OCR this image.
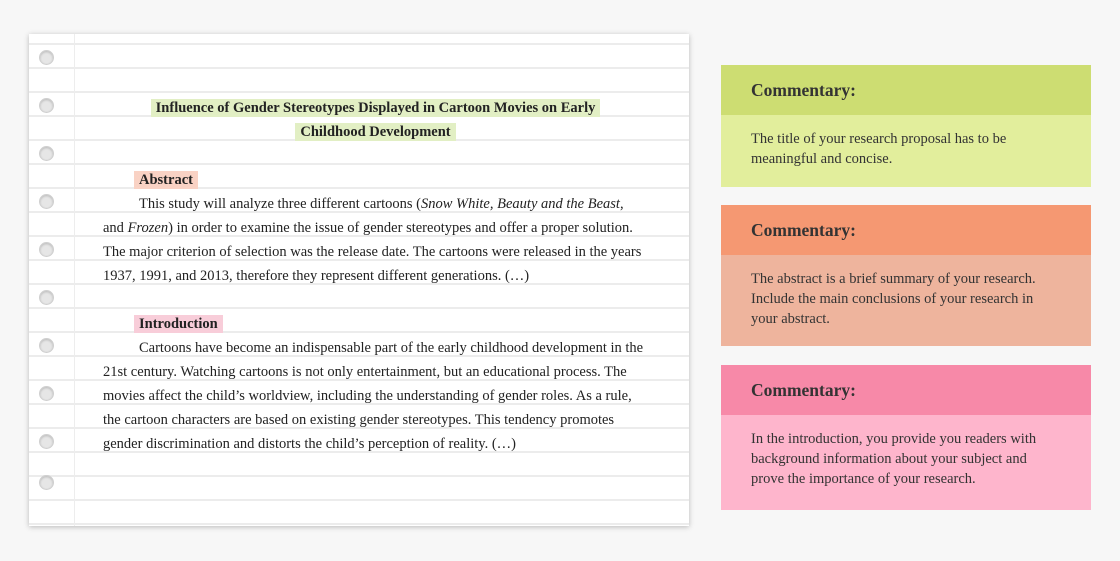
Influence of Gender Stereotypes Displayed in Cartoon Movies on Early
Childhood Development
Abstract

This study will analyze three different cartoons (Snow White, Beauty and the Beast, and Frozen) in order to examine the issue of gender stereotypes and offer a proper solution. The major criterion of selection was the release date. The cartoons were released in the years 1937, 1991, and 2013, therefore they represent different generations. (…)

Introduction

Cartoons have become an indispensable part of the early childhood development in the 21st century. Watching cartoons is not only entertainment, but an educational process. The movies affect the child’s worldview, including the understanding of gender roles. As a rule, the cartoon characters are based on existing gender stereotypes. This tendency promotes gender discrimination and distorts the child’s perception of reality. (…)

Commentary:
The title of your research proposal has to be meaningful and concise.
Commentary:
The abstract is a brief summary of your research. Include the main conclusions of your research in your abstract.
Commentary:
In the introduction, you provide you readers with background information about your subject and prove the importance of your research.
